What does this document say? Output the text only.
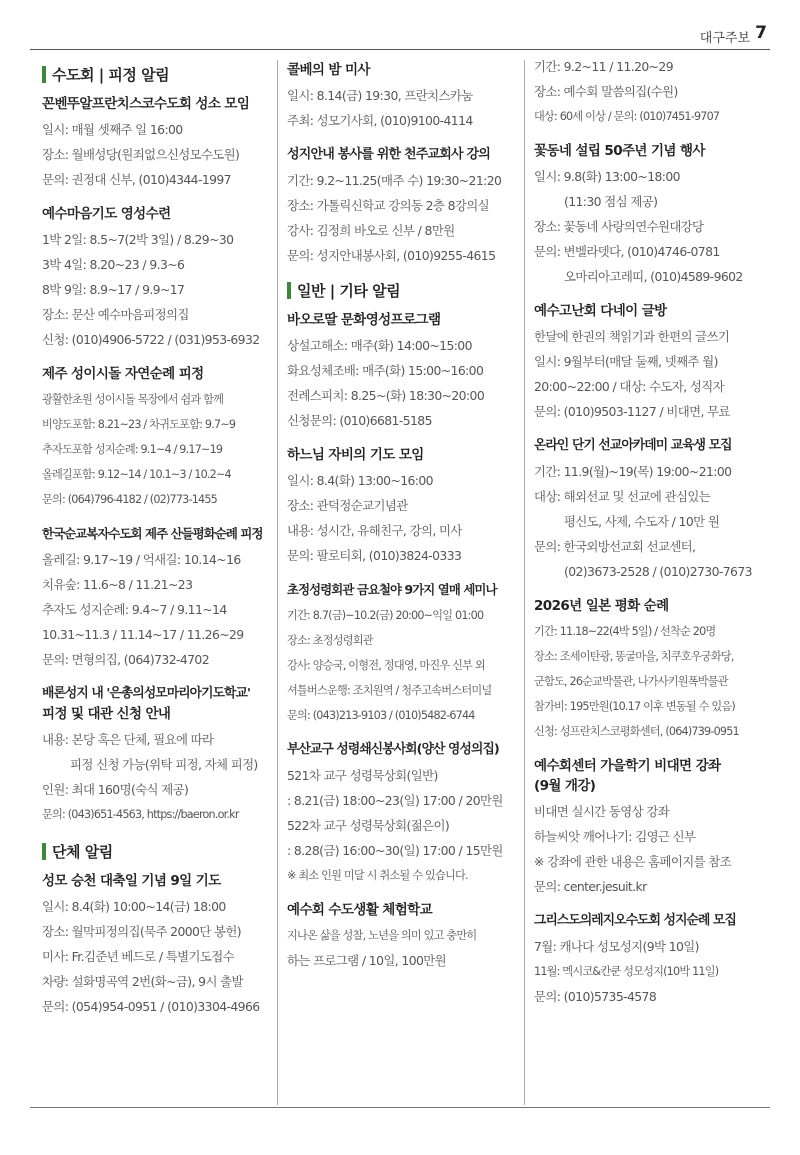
대구주보 7
수도회 | 피정 알림
꼰벤뚜알프란치스코수도회 성소 모임
일시: 매월 셋째주 일 16:00
장소: 월배성당(원죄없으신성모수도원)
문의: 권정대 신부, (010)4344-1997
예수마음기도 영성수련
1박 2일: 8.5~7(2박 3일) / 8.29~30
3박 4일: 8.20~23 / 9.3~6
8박 9일: 8.9~17 / 9.9~17
장소: 문산 예수마음피정의집
신청: (010)4906-5722 / (031)953-6932
제주 성이시돌 자연순례 피정
광활한초원 성이시돌 목장에서 쉼과 함께
비양도포함: 8.21~23 / 차귀도포함: 9.7~9
추자도포함 성지순례: 9.1~4 / 9.17~19
올레길포함: 9.12~14 / 10.1~3 / 10.2~4
문의: (064)796-4182 / (02)773-1455
한국순교복자수도회 제주 산들평화순례 피정
올레길: 9.17~19 / 억새길: 10.14~16
치유숲: 11.6~8 / 11.21~23
추자도 성지순례: 9.4~7 / 9.11~14
10.31~11.3 / 11.14~17 / 11.26~29
문의: 면형의집, (064)732-4702
배론성지 내 '은총의성모마리아기도학교'
피정 및 대관 신청 안내
내용: 본당 혹은 단체, 필요에 따라
피정 신청 가능(위탁 피정, 자체 피정)
인원: 최대 160명(숙식 제공)
문의: (043)651-4563, https://baeron.or.kr
단체 알림
성모 승천 대축일 기념 9일 기도
일시: 8.4(화) 10:00~14(금) 18:00
장소: 월막피정의집(묵주 2000단 봉헌)
미사: Fr.김준년 베드로 / 특별기도접수
차량: 설화명곡역 2번(화~금), 9시 출발
문의: (054)954-0951 / (010)3304-4966
콜베의 밤 미사
일시: 8.14(금) 19:30, 프란치스카눔
주최: 성모기사회, (010)9100-4114
성지안내 봉사를 위한 천주교회사 강의
기간: 9.2~11.25(매주 수) 19:30~21:20
장소: 가톨릭신학교 강의동 2층 8강의실
강사: 김정희 바오로 신부 / 8만원
문의: 성지안내봉사회, (010)9255-4615
일반 | 기타 알림
바오로딸 문화영성프로그램
상설고해소: 매주(화) 14:00~15:00
화요성체조배: 매주(화) 15:00~16:00
전례스피치: 8.25~(화) 18:30~20:00
신청문의: (010)6681-5185
하느님 자비의 기도 모임
일시: 8.4(화) 13:00~16:00
장소: 관덕정순교기념관
내용: 성시간, 유해친구, 강의, 미사
문의: 팔로티회, (010)3824-0333
초정성령회관 금요철야 9가지 열매 세미나
기간: 8.7(금)~10.2(금) 20:00~익일 01:00
장소: 초정성령회관
강사: 양승국, 이형전, 정대영, 마진우 신부 외
셔틀버스운행: 조치원역 / 청주고속버스터미널
문의: (043)213-9103 / (010)5482-6744
부산교구 성령쇄신봉사회(양산 영성의집)
521차 교구 성령묵상회(일반)
: 8.21(금) 18:00~23(일) 17:00 / 20만원
522차 교구 성령묵상회(젊은이)
: 8.28(금) 16:00~30(일) 17:00 / 15만원
※ 최소 인원 미달 시 취소될 수 있습니다.
예수회 수도생활 체험학교
지나온 삶을 성찰, 노년을 의미 있고 충만히
하는 프로그램 / 10일, 100만원
기간: 9.2~11 / 11.20~29
장소: 예수회 말씀의집(수원)
대상: 60세 이상 / 문의: (010)7451-9707
꽃동네 설립 50주년 기념 행사
일시: 9.8(화) 13:00~18:00
(11:30 점심 제공)
장소: 꽃동네 사랑의연수원대강당
문의: 변벨라뎃다, (010)4746-0781
오마리아고레띠, (010)4589-9602
예수고난회 다네이 글방
한달에 한권의 책읽기과 한편의 글쓰기
일시: 9월부터(매달 둘째, 넷째주 월)
20:00~22:00 / 대상: 수도자, 성직자
문의: (010)9503-1127 / 비대면, 무료
온라인 단기 선교아카데미 교육생 모집
기간: 11.9(월)~19(목) 19:00~21:00
대상: 해외선교 및 선교에 관심있는
평신도, 사제, 수도자 / 10만 원
문의: 한국외방선교회 선교센터,
(02)3673-2528 / (010)2730-7673
2026년 일본 평화 순례
기간: 11.18~22(4박 5일) / 선착순 20명
장소: 조세이탄광, 똥굴마을, 치쿠호우궁화당,
군함도, 26순교박물관, 나가사키원폭박물관
참가비: 195만원(10.17 이후 변동될 수 있음)
신청: 성프란치스코평화센터, (064)739-0951
예수회센터 가을학기 비대면 강좌
(9월 개강)
비대면 실시간 동영상 강좌
하늘씨앗 깨어나기: 김영근 신부
※ 강좌에 관한 내용은 홈페이지를 참조
문의: center.jesuit.kr
그리스도의레지오수도회 성지순례 모집
7월: 캐나다 성모성지(9박 10일)
11월: 멕시코&칸쿤 성모성지(10박 11일)
문의: (010)5735-4578
